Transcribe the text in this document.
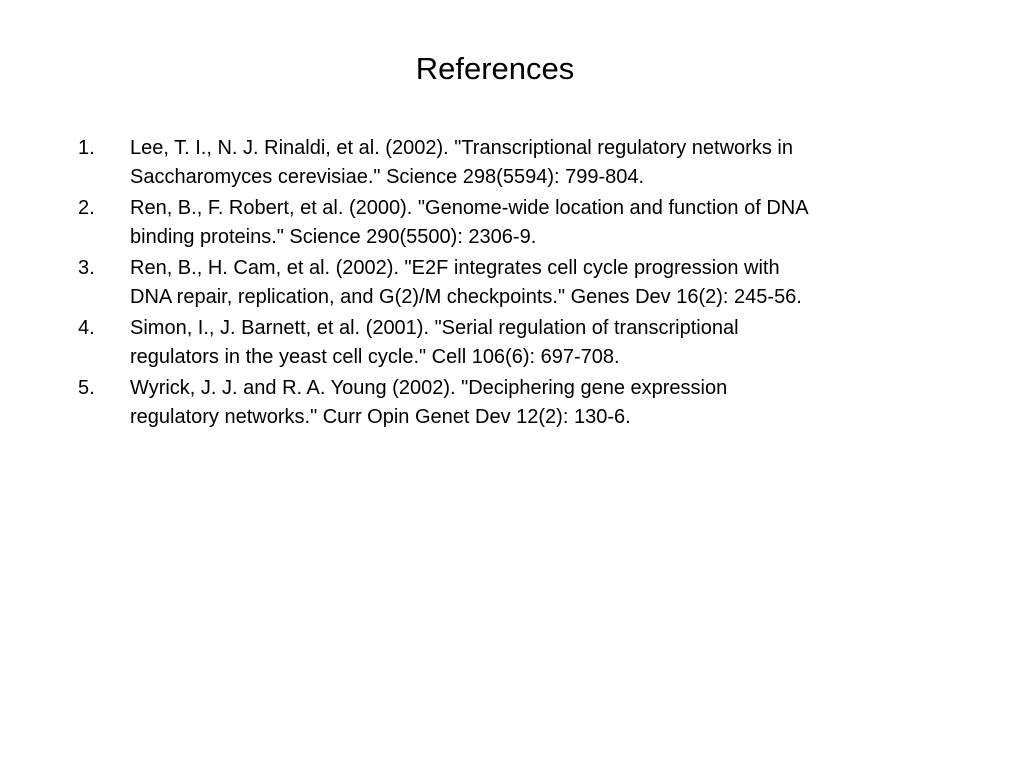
References
1.	Lee, T. I., N. J. Rinaldi, et al. (2002). "Transcriptional regulatory networks in
Saccharomyces cerevisiae." Science 298(5594): 799-804.
2.	Ren, B., F. Robert, et al. (2000). "Genome-wide location and function of DNA
binding proteins." Science 290(5500): 2306-9.
3.	Ren, B., H. Cam, et al. (2002). "E2F integrates cell cycle progression with
DNA repair, replication, and G(2)/M checkpoints." Genes Dev 16(2): 245-56.
4.	Simon, I., J. Barnett, et al. (2001). "Serial regulation of transcriptional
regulators in the yeast cell cycle." Cell 106(6): 697-708.
5.	Wyrick, J. J. and R. A. Young (2002). "Deciphering gene expression
regulatory networks." Curr Opin Genet Dev 12(2): 130-6.
